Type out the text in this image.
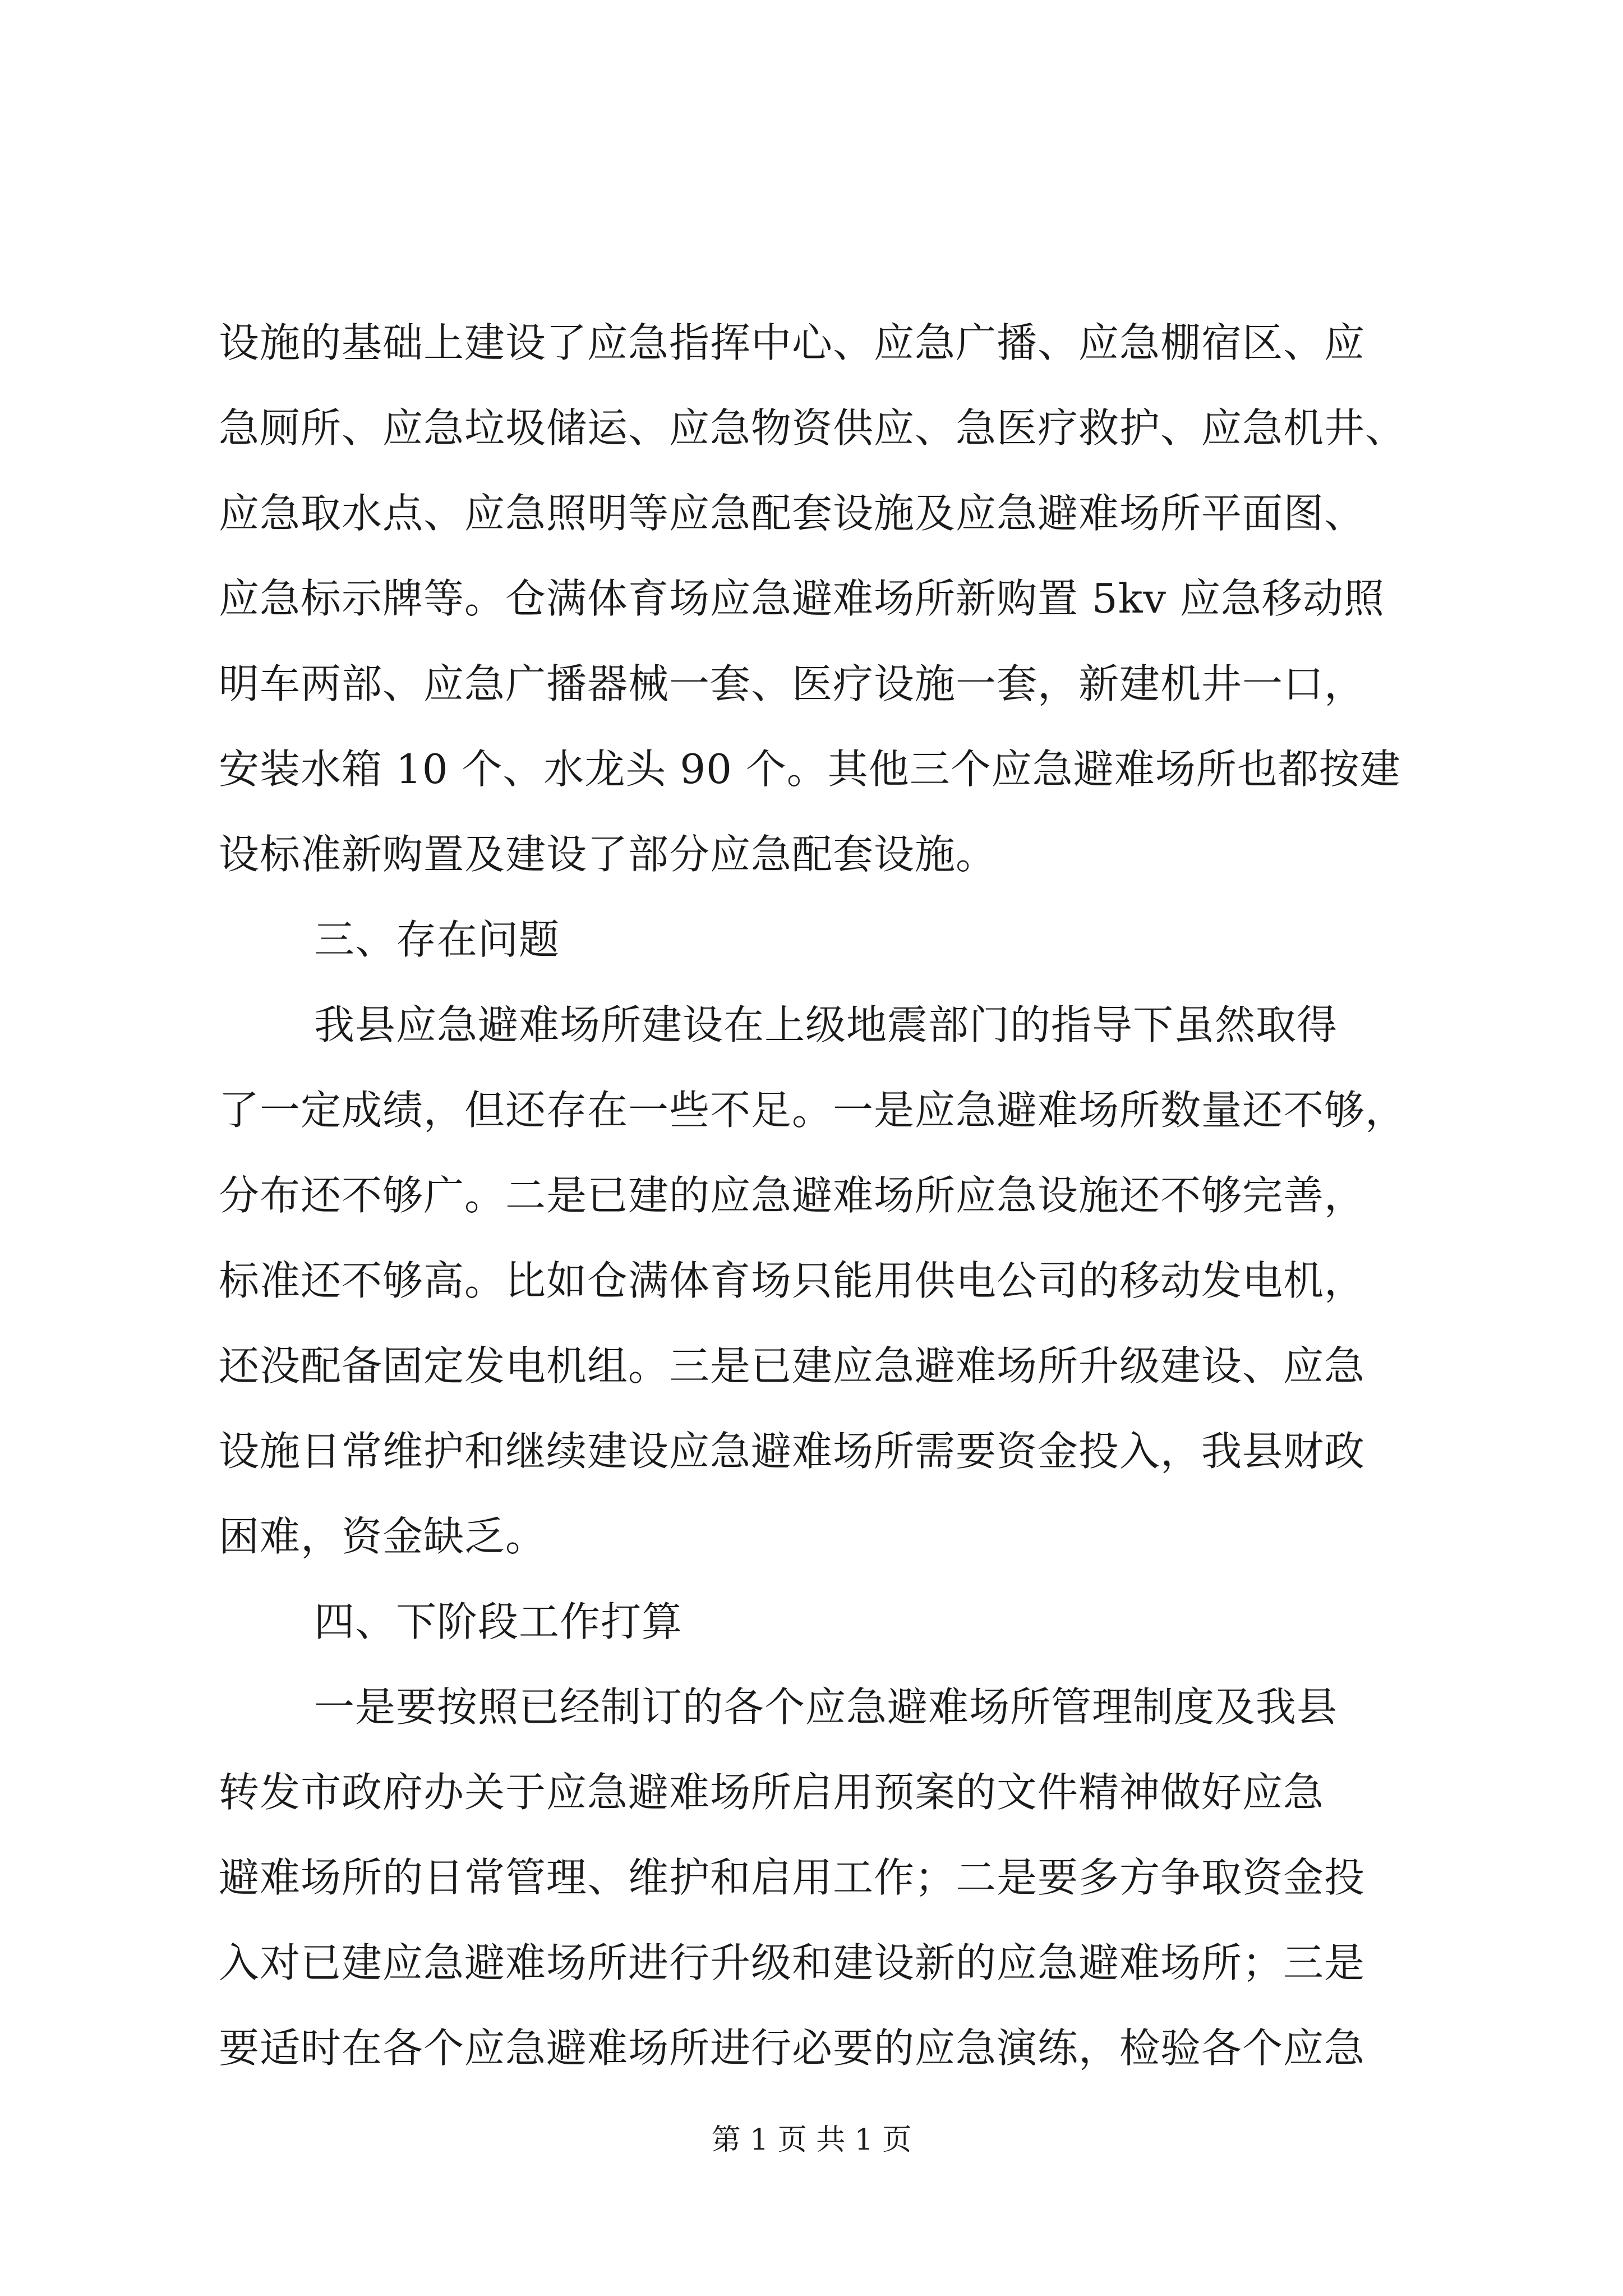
设施的基础上建设了应急指挥中心、应急广播、应急棚宿区、应
急厕所、应急垃圾储运、应急物资供应、急医疗救护、应急机井、
应急取水点、应急照明等应急配套设施及应急避难场所平面图、
应急标示牌等。仓满体育场应急避难场所新购置 5kv 应急移动照
明车两部、应急广播器械一套、医疗设施一套，新建机井一口，
安装水箱 10 个、水龙头 90 个。其他三个应急避难场所也都按建
设标准新购置及建设了部分应急配套设施。
三、存在问题
我县应急避难场所建设在上级地震部门的指导下虽然取得
了一定成绩，但还存在一些不足。一是应急避难场所数量还不够，
分布还不够广。二是已建的应急避难场所应急设施还不够完善，
标准还不够高。比如仓满体育场只能用供电公司的移动发电机，
还没配备固定发电机组。三是已建应急避难场所升级建设、应急
设施日常维护和继续建设应急避难场所需要资金投入，我县财政
困难，资金缺乏。
四、下阶段工作打算
一是要按照已经制订的各个应急避难场所管理制度及我县
转发市政府办关于应急避难场所启用预案的文件精神做好应急
避难场所的日常管理、维护和启用工作；二是要多方争取资金投
入对已建应急避难场所进行升级和建设新的应急避难场所；三是
要适时在各个应急避难场所进行必要的应急演练，检验各个应急
第 1 页 共 1 页
